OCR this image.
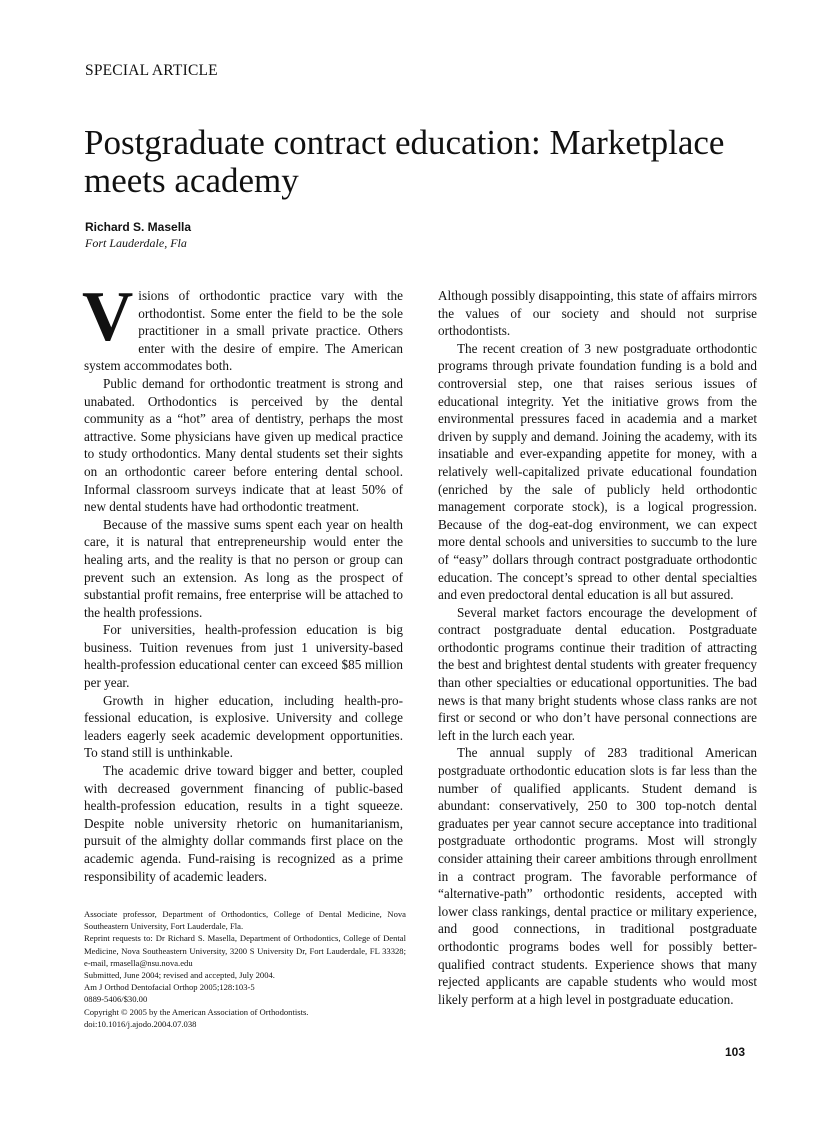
SPECIAL ARTICLE
Postgraduate contract education: Marketplace meets academy
Richard S. Masella
Fort Lauderdale, Fla

Visions of orthodontic practice vary with the orthodontist. Some enter the field to be the sole practitioner in a small private practice. Others enter with the desire of empire. The American system accommodates both.

Public demand for orthodontic treatment is strong and unabated. Orthodontics is perceived by the dental community as a “hot” area of dentistry, perhaps the most attractive. Some physicians have given up medical practice to study orthodontics. Many dental students set their sights on an orthodontic career before entering dental school. Informal classroom surveys indicate that at least 50% of new dental students have had orthodontic treatment.

Because of the massive sums spent each year on health care, it is natural that entrepreneurship would enter the healing arts, and the reality is that no person or group can prevent such an extension. As long as the prospect of substantial profit remains, free enterprise will be attached to the health professions.

For universities, health-profession education is big business. Tuition revenues from just 1 university-based health-profession educational center can exceed $85 million per year.

Growth in higher education, including health-professional education, is explosive. University and college leaders eagerly seek academic development opportunities. To stand still is unthinkable.

The academic drive toward bigger and better, coupled with decreased government financing of public-based health-profession education, results in a tight squeeze. Despite noble university rhetoric on humanitarianism, pursuit of the almighty dollar commands first place on the academic agenda. Fund-raising is recognized as a prime responsibility of academic leaders.

Associate professor, Department of Orthodontics, College of Dental Medicine, Nova Southeastern University, Fort Lauderdale, Fla.
Reprint requests to: Dr Richard S. Masella, Department of Orthodontics, College of Dental Medicine, Nova Southeastern University, 3200 S University Dr, Fort Lauderdale, FL 33328; e-mail, rmasella@nsu.nova.edu
Submitted, June 2004; revised and accepted, July 2004.
Am J Orthod Dentofacial Orthop 2005;128:103-5
0889-5406/$30.00
Copyright © 2005 by the American Association of Orthodontists.
doi:10.1016/j.ajodo.2004.07.038

Although possibly disappointing, this state of affairs mirrors the values of our society and should not surprise orthodontists.

The recent creation of 3 new postgraduate orthodontic programs through private foundation funding is a bold and controversial step, one that raises serious issues of educational integrity. Yet the initiative grows from the environmental pressures faced in academia and a market driven by supply and demand. Joining the academy, with its insatiable and ever-expanding appetite for money, with a relatively well-capitalized private educational foundation (enriched by the sale of publicly held orthodontic management corporate stock), is a logical progression. Because of the dog-eat-dog environment, we can expect more dental schools and universities to succumb to the lure of “easy” dollars through contract postgraduate orthodontic education. The concept’s spread to other dental specialties and even predoctoral dental education is all but assured.

Several market factors encourage the development of contract postgraduate dental education. Postgraduate orthodontic programs continue their tradition of attracting the best and brightest dental students with greater frequency than other specialties or educational opportunities. The bad news is that many bright students whose class ranks are not first or second or who don’t have personal connections are left in the lurch each year.

The annual supply of 283 traditional American postgraduate orthodontic education slots is far less than the number of qualified applicants. Student demand is abundant: conservatively, 250 to 300 top-notch dental graduates per year cannot secure acceptance into traditional postgraduate orthodontic programs. Most will strongly consider attaining their career ambitions through enrollment in a contract program. The favorable performance of “alternative-path” orthodontic residents, accepted with lower class rankings, dental practice or military experience, and good connections, in traditional postgraduate orthodontic programs bodes well for possibly better-qualified contract students. Experience shows that many rejected applicants are capable students who would most likely perform at a high level in postgraduate education.

103
